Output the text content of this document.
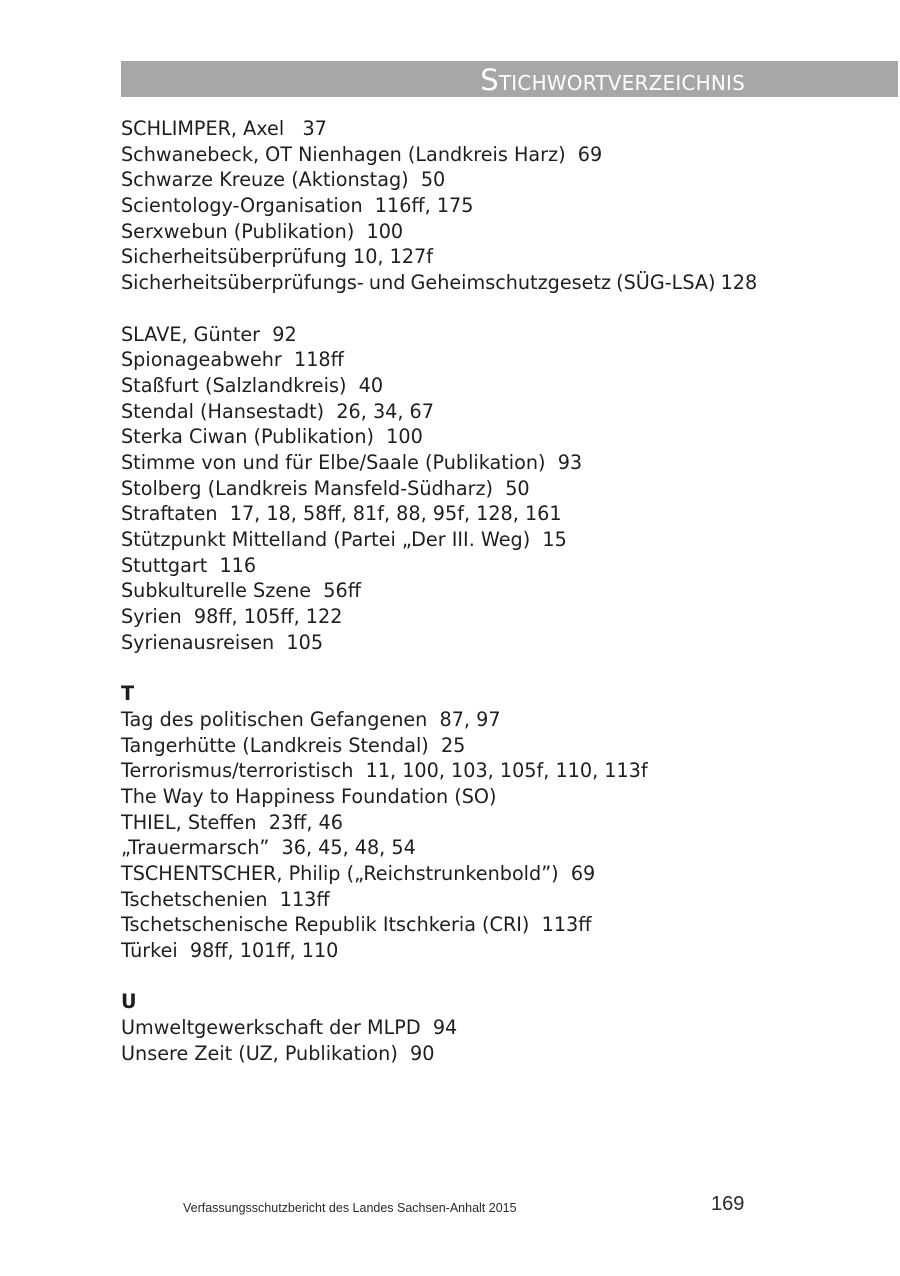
Stichwortverzeichnis
SCHLIMPER, Axel   37
Schwanebeck, OT Nienhagen (Landkreis Harz)  69
Schwarze Kreuze (Aktionstag)  50
Scientology-Organisation  116ff, 175
Serxwebun (Publikation)  100
Sicherheitsüberprüfung 10, 127f
Sicherheitsüberprüfungs- und Geheimschutzgesetz (SÜG-LSA) 128
SLAVE, Günter  92
Spionageabwehr  118ff
Staßfurt (Salzlandkreis)  40
Stendal (Hansestadt)  26, 34, 67
Sterka Ciwan (Publikation)  100
Stimme von und für Elbe/Saale (Publikation)  93
Stolberg (Landkreis Mansfeld-Südharz)  50
Straftaten  17, 18, 58ff, 81f, 88, 95f, 128, 161
Stützpunkt Mittelland (Partei „Der III. Weg)  15
Stuttgart  116
Subkulturelle Szene  56ff
Syrien  98ff, 105ff, 122
Syrienausreisen  105
T
Tag des politischen Gefangenen  87, 97
Tangerhütte (Landkreis Stendal)  25
Terrorismus/terroristisch  11, 100, 103, 105f, 110, 113f
The Way to Happiness Foundation (SO)
THIEL, Steffen  23ff, 46
„Trauermarsch”  36, 45, 48, 54
TSCHENTSCHER, Philip („Reichstrunkenbold”)  69
Tschetschenien  113ff
Tschetschenische Republik Itschkeria (CRI)  113ff
Türkei  98ff, 101ff, 110
U
Umweltgewerkschaft der MLPD  94
Unsere Zeit (UZ, Publikation)  90
Verfassungsschutzbericht des Landes Sachsen-Anhalt 2015	169
